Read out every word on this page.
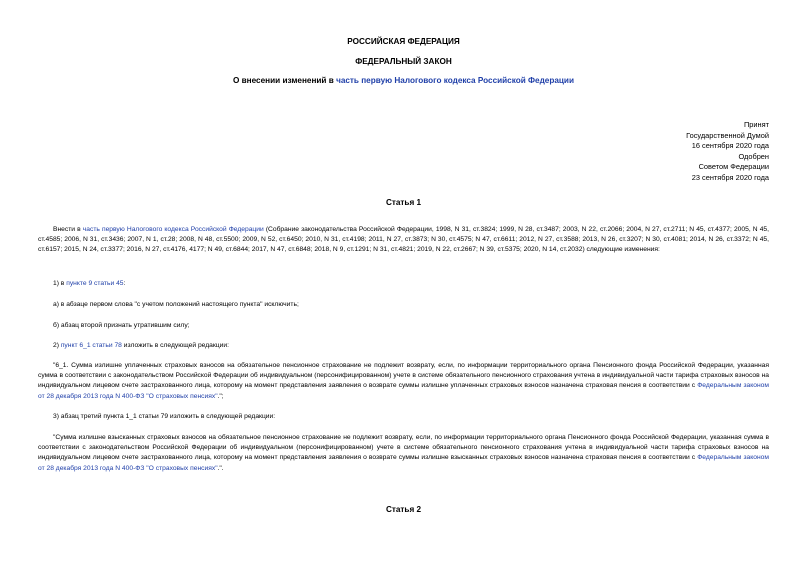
РОССИЙСКАЯ ФЕДЕРАЦИЯ
ФЕДЕРАЛЬНЫЙ ЗАКОН
О внесении изменений в часть первую Налогового кодекса Российской Федерации
Принят
Государственной Думой
16 сентября 2020 года
Одобрен
Советом Федерации
23 сентября 2020 года
Статья 1
Внести в часть первую Налогового кодекса Российской Федерации (Собрание законодательства Российской Федерации, 1998, N 31, ст.3824; 1999, N 28, ст.3487; 2003, N 22, ст.2066; 2004, N 27, ст.2711; N 45, ст.4377; 2005, N 45, ст.4585; 2006, N 31, ст.3436; 2007, N 1, ст.28; 2008, N 48, ст.5500; 2009, N 52, ст.6450; 2010, N 31, ст.4198; 2011, N 27, ст.3873; N 30, ст.4575; N 47, ст.6611; 2012, N 27, ст.3588; 2013, N 26, ст.3207; N 30, ст.4081; 2014, N 26, ст.3372; N 45, ст.6157; 2015, N 24, ст.3377; 2016, N 27, ст.4176, 4177; N 49, ст.6844; 2017, N 47, ст.6848; 2018, N 9, ст.1291; N 31, ст.4821; 2019, N 22, ст.2667; N 39, ст.5375; 2020, N 14, ст.2032) следующие изменения:
1) в пункте 9 статьи 45:
а) в абзаце первом слова "с учетом положений настоящего пункта" исключить;
б) абзац второй признать утратившим силу;
2) пункт 6_1 статьи 78 изложить в следующей редакции:
"6_1. Сумма излишне уплаченных страховых взносов на обязательное пенсионное страхование не подлежит возврату, если, по информации территориального органа Пенсионного фонда Российской Федерации, указанная сумма в соответствии с законодательством Российской Федерации об индивидуальном (персонифицированном) учете в системе обязательного пенсионного страхования учтена в индивидуальной части тарифа страховых взносов на индивидуальном лицевом счете застрахованного лица, которому на момент представления заявления о возврате суммы излишне уплаченных страховых взносов назначена страховая пенсия в соответствии с Федеральным законом от 28 декабря 2013 года N 400-ФЗ "О страховых пенсиях".";
3) абзац третий пункта 1_1 статьи 79 изложить в следующей редакции:
"Сумма излишне взысканных страховых взносов на обязательное пенсионное страхование не подлежит возврату, если, по информации территориального органа Пенсионного фонда Российской Федерации, указанная сумма в соответствии с законодательством Российской Федерации об индивидуальном (персонифицированном) учете в системе обязательного пенсионного страхования учтена в индивидуальной части тарифа страховых взносов на индивидуальном лицевом счете застрахованного лица, которому на момент представления заявления о возврате суммы излишне взысканных страховых взносов назначена страховая пенсия в соответствии с Федеральным законом от 28 декабря 2013 года N 400-ФЗ "О страховых пенсиях".".
Статья 2
